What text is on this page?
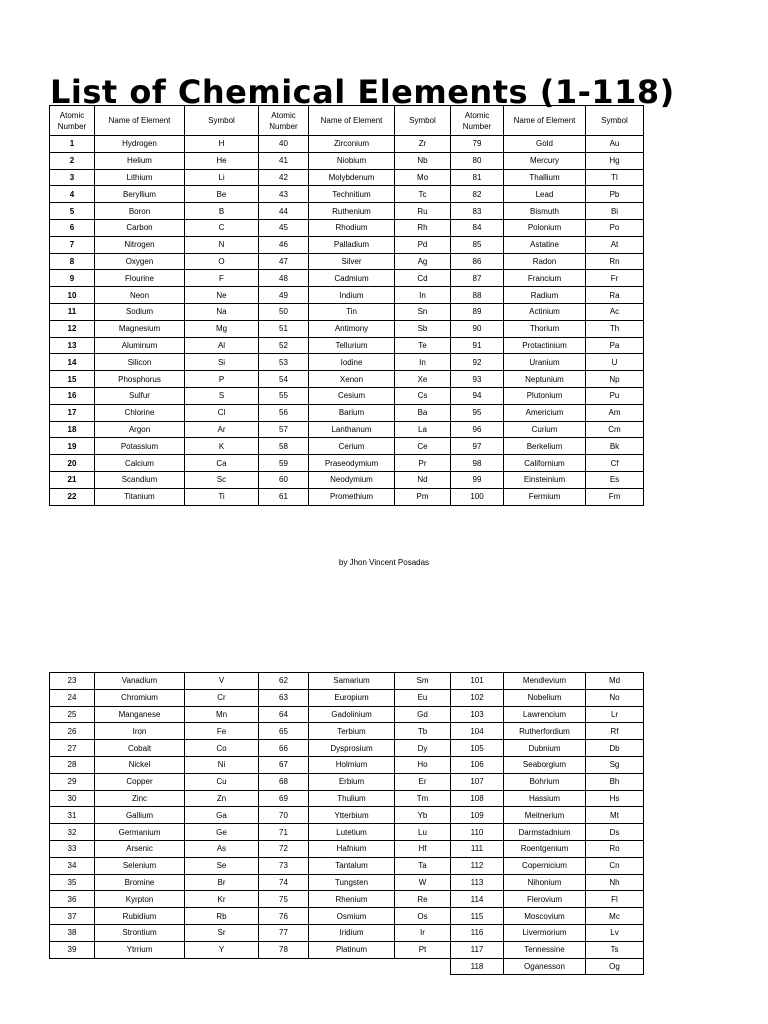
List of Chemical Elements (1-118)
Atomic Number	Name of Element	Symbol	Atomic Number	Name of Element	Symbol	Atomic Number	Name of Element	Symbol
1	Hydrogen	H	40	Zirconium	Zr	79	Gold	Au
2	Helium	He	41	Niobium	Nb	80	Mercury	Hg
3	Lithium	Li	42	Molybdenum	Mo	81	Thallium	Tl
4	Beryllium	Be	43	Technitium	Tc	82	Lead	Pb
5	Boron	B	44	Ruthenium	Ru	83	Bismuth	Bi
6	Carbon	C	45	Rhodium	Rh	84	Polonium	Po
7	Nitrogen	N	46	Palladium	Pd	85	Astatine	At
8	Oxygen	O	47	Silver	Ag	86	Radon	Rn
9	Flourine	F	48	Cadmium	Cd	87	Francium	Fr
10	Neon	Ne	49	Indium	In	88	Radium	Ra
11	Sodium	Na	50	Tin	Sn	89	Actinium	Ac
12	Magnesium	Mg	51	Antimony	Sb	90	Thorium	Th
13	Aluminum	Al	52	Tellurium	Te	91	Protactinium	Pa
14	Silicon	Si	53	Iodine	In	92	Uranium	U
15	Phosphorus	P	54	Xenon	Xe	93	Neptunium	Np
16	Sulfur	S	55	Cesium	Cs	94	Plutonium	Pu
17	Chlorine	Cl	56	Barium	Ba	95	Americium	Am
18	Argon	Ar	57	Lanthanum	La	96	Curium	Cm
19	Potassium	K	58	Cerium	Ce	97	Berkelium	Bk
20	Calcium	Ca	59	Praseodymium	Pr	98	Californium	Cf
21	Scandium	Sc	60	Neodymium	Nd	99	Einsteinium	Es
22	Titanium	Ti	61	Promethium	Pm	100	Fermium	Fm
by Jhon Vincent Posadas
23	Vanadium	V	62	Samarium	Sm	101	Mendlevium	Md
24	Chromium	Cr	63	Europium	Eu	102	Nobelium	No
25	Manganese	Mn	64	Gadolinium	Gd	103	Lawrencium	Lr
26	Iron	Fe	65	Terbium	Tb	104	Rutherfordium	Rf
27	Cobalt	Co	66	Dysprosium	Dy	105	Dubnium	Db
28	Nickel	Ni	67	Holmium	Ho	106	Seaborgium	Sg
29	Copper	Cu	68	Erbium	Er	107	Bohrium	Bh
30	Zinc	Zn	69	Thulium	Tm	108	Hassium	Hs
31	Gallium	Ga	70	Ytterbium	Yb	109	Meitnerium	Mt
32	Germanium	Ge	71	Lutetium	Lu	110	Darmstadnium	Ds
33	Arsenic	As	72	Hafnium	Hf	111	Roentgenium	Ro
34	Selenium	Se	73	Tantalum	Ta	112	Copernicium	Cn
35	Bromine	Br	74	Tungsten	W	113	Nihonium	Nh
36	Kyrpton	Kr	75	Rhenium	Re	114	Flerovium	Fl
37	Rubidium	Rb	76	Osmium	Os	115	Moscovium	Mc
38	Strontium	Sr	77	Iridium	Ir	116	Livermorium	Lv
39	Ytrrium	Y	78	Platinum	Pt	117	Tennessine	Ts
						118	Oganesson	Og
